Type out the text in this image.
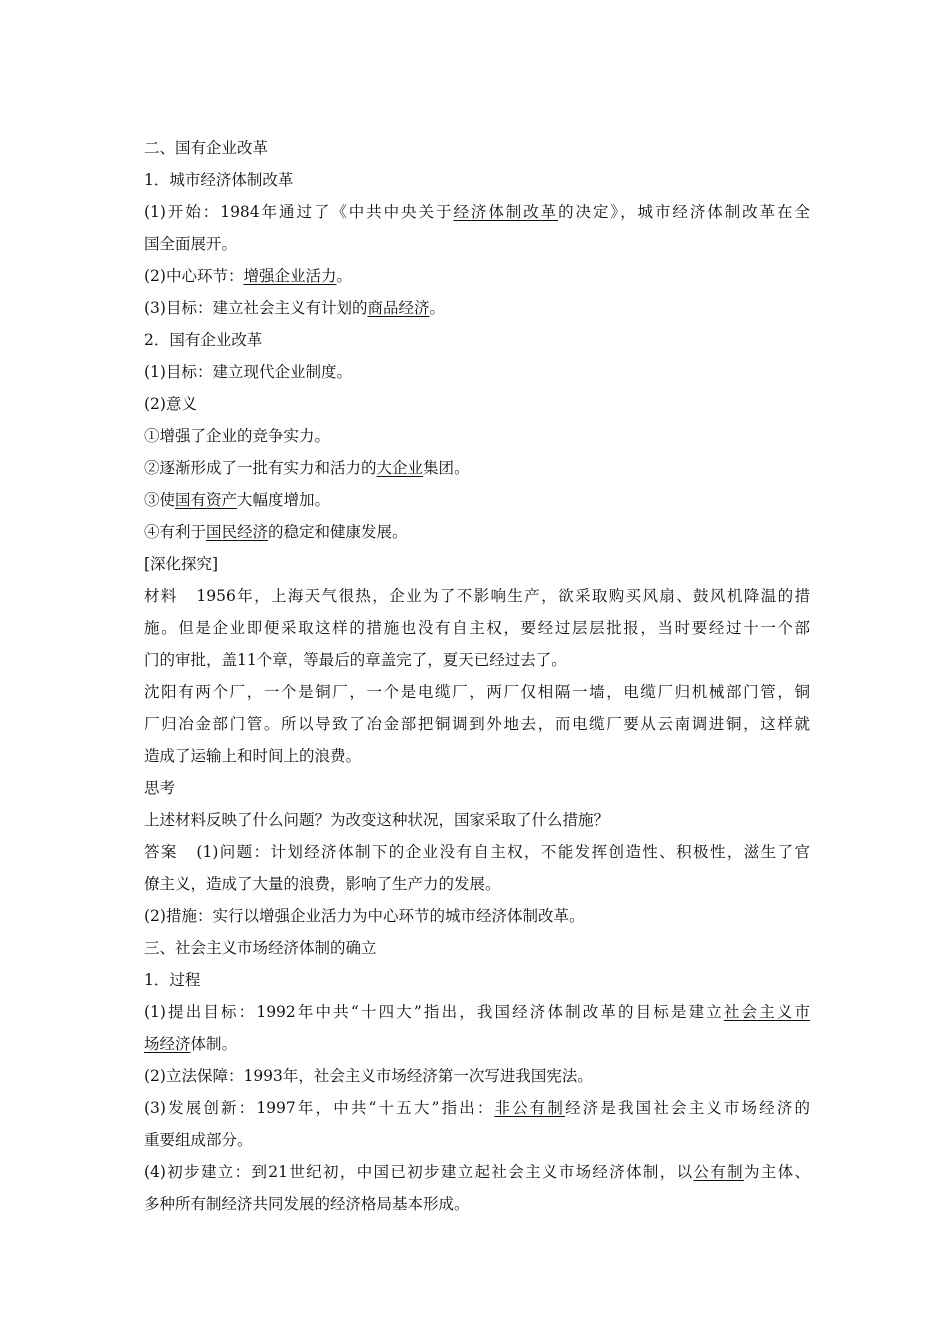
二、国有企业改革
1．城市经济体制改革
(1)开始：1984年通过了《中共中央关于经济体制改革的决定》，城市经济体制改革在全
国全面展开。
(2)中心环节：增强企业活力。
(3)目标：建立社会主义有计划的商品经济。
2．国有企业改革
(1)目标：建立现代企业制度。
(2)意义
①增强了企业的竞争实力。
②逐渐形成了一批有实力和活力的大企业集团。
③使国有资产大幅度增加。
④有利于国民经济的稳定和健康发展。
[深化探究]
材料 1956年，上海天气很热，企业为了不影响生产，欲采取购买风扇、鼓风机降温的措
施。但是企业即便采取这样的措施也没有自主权，要经过层层批报，当时要经过十一个部
门的审批，盖11个章，等最后的章盖完了，夏天已经过去了。
沈阳有两个厂，一个是铜厂，一个是电缆厂，两厂仅相隔一墙，电缆厂归机械部门管，铜
厂归冶金部门管。所以导致了冶金部把铜调到外地去，而电缆厂要从云南调进铜，这样就
造成了运输上和时间上的浪费。
思考
上述材料反映了什么问题？为改变这种状况，国家采取了什么措施？
答案 (1)问题：计划经济体制下的企业没有自主权，不能发挥创造性、积极性，滋生了官
僚主义，造成了大量的浪费，影响了生产力的发展。
(2)措施：实行以增强企业活力为中心环节的城市经济体制改革。
三、社会主义市场经济体制的确立
1．过程
(1)提出目标：1992年中共“十四大”指出，我国经济体制改革的目标是建立社会主义市
场经济体制。
(2)立法保障：1993年，社会主义市场经济第一次写进我国宪法。
(3)发展创新：1997年，中共“十五大”指出：非公有制经济是我国社会主义市场经济的
重要组成部分。
(4)初步建立：到21世纪初，中国已初步建立起社会主义市场经济体制，以公有制为主体、
多种所有制经济共同发展的经济格局基本形成。
